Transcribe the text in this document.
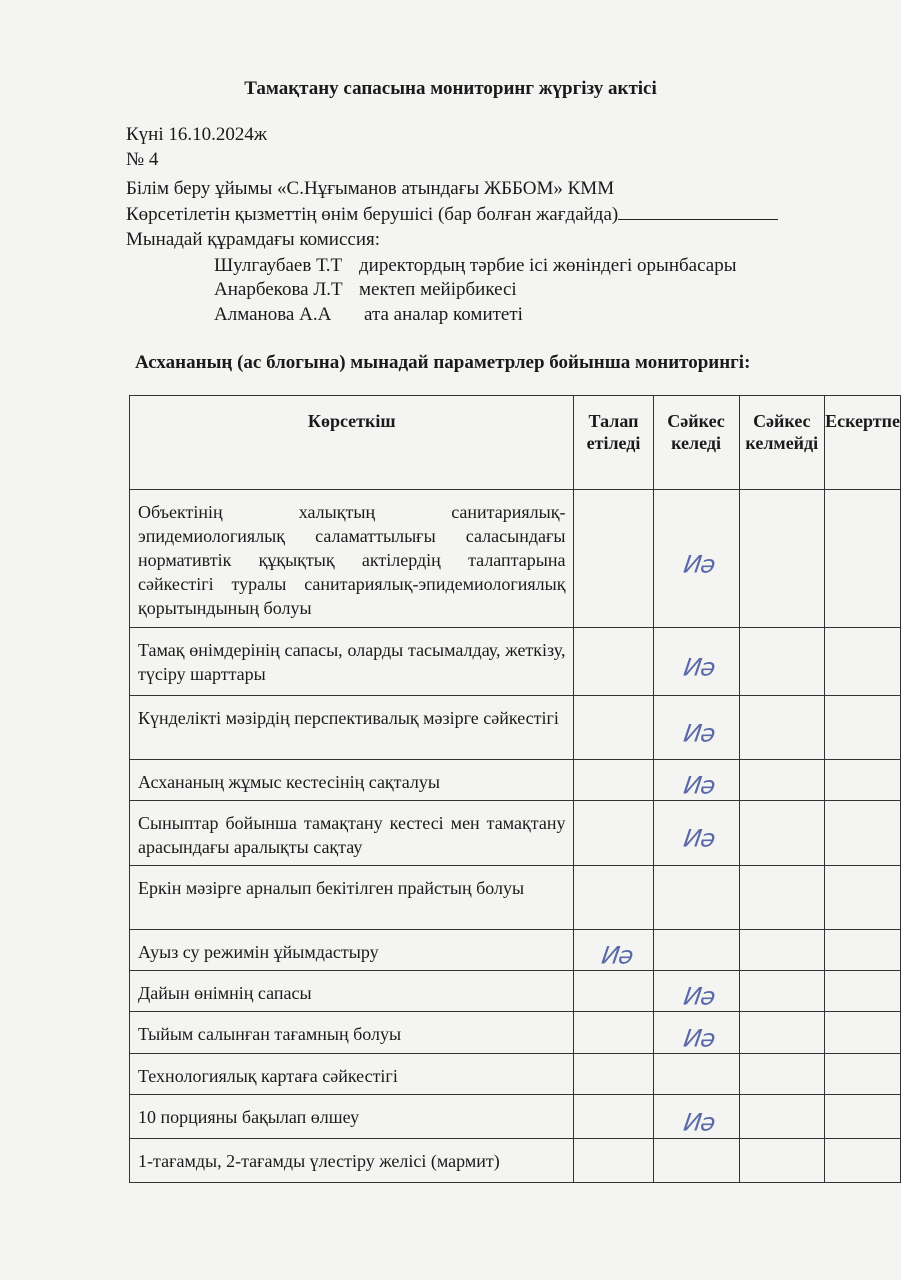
Тамақтану сапасына мониторинг жүргізу актісі
Күні 16.10.2024ж
№ 4
Білім беру ұйымы «С.Нұғыманов атындағы ЖББОМ» КММ
Көрсетілетін қызметтің өнім берушісі (бар болған жағдайда)
Мынадай құрамдағы комиссия:
Шулгаубаев Т.Т директордың тәрбие ісі жөніндегі орынбасары
Анарбекова Л.Т мектеп мейірбикесі
Алманова А.А ата аналар комитеті
Асхананың (ас блогына) мынадай параметрлер бойынша мониторингі:
Көрсеткіш	Талап етіледі	Сәйкес келеді	Сәйкес келмейді	Ескертпе
Объектінің халықтың санитариялық-эпидемиологиялық саламаттылығы саласындағы нормативтік құқықтық актілердің талаптарына сәйкестігі туралы санитариялық-эпидемиологиялық қорытындының болуы		Иә		

Тамақ өнімдерінің сапасы, оларды тасымалдау, жеткізу, түсіру шарттары		Иә		

Күнделікті мәзірдің перспективалық мәзірге сәйкестігі		Иә		

Асхананың жұмыс кестесінің сақталуы		Иә		

Сыныптар бойынша тамақтану кестесі мен тамақтану арасындағы аралықты сақтау		Иә		

Еркін мәзірге арналып бекітілген прайстың болуы	

Ауыз су режимін ұйымдастыру	Иә			

Дайын өнімнің сапасы		Иә		

Тыйым салынған тағамның болуы		Иә		

Технологиялық картаға сәйкестігі	

10 порцияны бақылап өлшеу		Иә		

1-тағамды, 2-тағамды үлестіру желісі (мармит)	
